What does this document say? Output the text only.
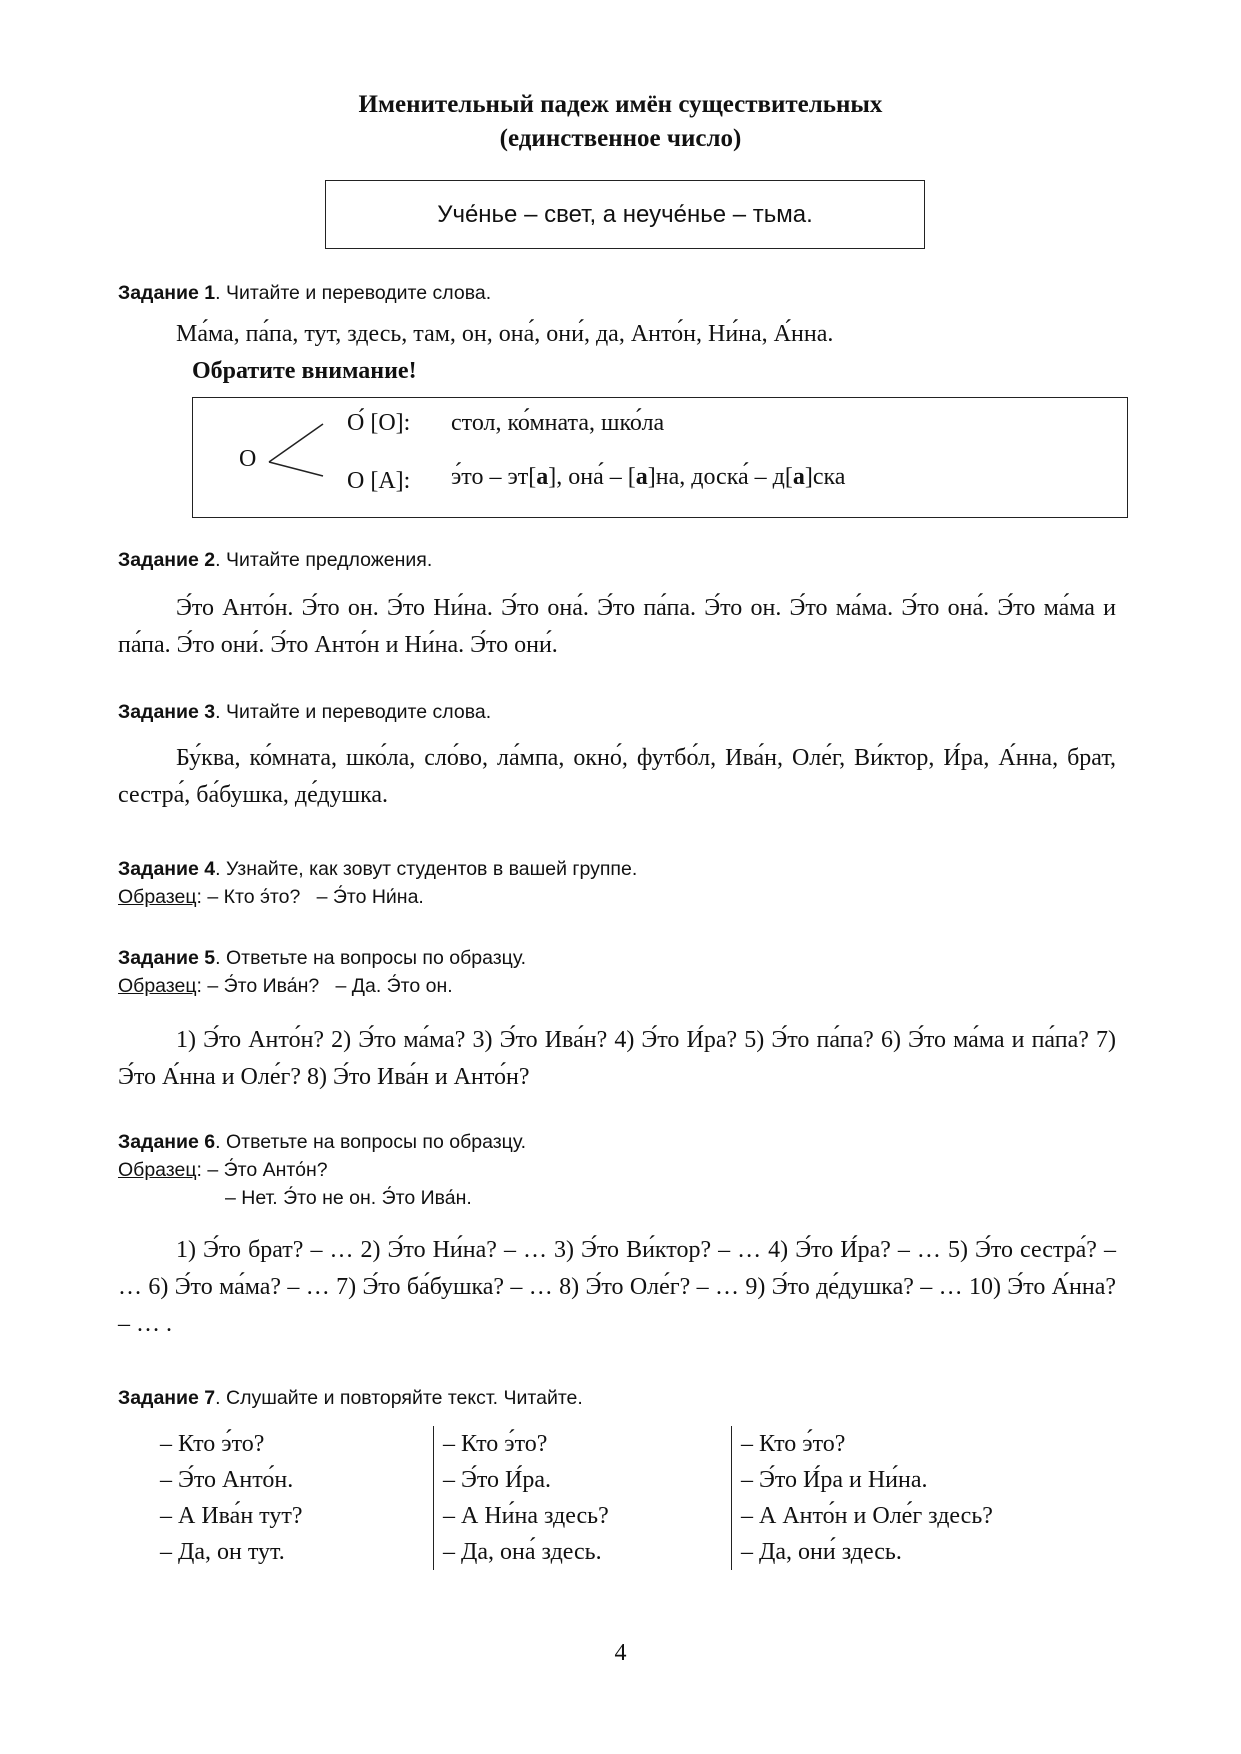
Именительный падеж имён существительных
(единственное число)
Уче́нье – свет, а неуче́нье – тьма.
Задание 1. Читайте и переводите слова.
Ма́ма, па́па, тут, здесь, там, он, она́, они́, да, Анто́н, Ни́на, А́нна.
Обратите внимание!
О
О́ [О]: стол, ко́мната, шко́ла
О [А]: э́то – эт[а], она́ – [а]на, доска́ – д[а]ска
Задание 2. Читайте предложения.
Э́то Анто́н. Э́то он. Э́то Ни́на. Э́то она́. Э́то па́па. Э́то он. Э́то ма́ма. Э́то она́. Э́то ма́ма и па́па. Э́то они́. Э́то Анто́н и Ни́на. Э́то они́.
Задание 3. Читайте и переводите слова.
Бу́ква, ко́мната, шко́ла, сло́во, ла́мпа, окно́, футбо́л, Ива́н, Оле́г, Ви́ктор, И́ра, А́нна, брат, сестра́, ба́бушка, де́душка.
Задание 4. Узнайте, как зовут студентов в вашей группе.
Образец: – Кто э́то?   – Э́то Ни́на.
Задание 5. Ответьте на вопросы по образцу.
Образец: – Э́то Ива́н?   – Да. Э́то он.
1) Э́то Анто́н? 2) Э́то ма́ма? 3) Э́то Ива́н? 4) Э́то И́ра? 5) Э́то па́па? 6) Э́то ма́ма и па́па? 7) Э́то А́нна и Оле́г? 8) Э́то Ива́н и Анто́н?
Задание 6. Ответьте на вопросы по образцу.
Образец: – Э́то Анто́н?
– Нет. Э́то не он. Э́то Ива́н.
1) Э́то брат? – … 2) Э́то Ни́на? – … 3) Э́то Ви́ктор? – … 4) Э́то И́ра? – … 5) Э́то сестра́? – … 6) Э́то ма́ма? – … 7) Э́то ба́бушка? – … 8) Э́то Оле́г? – … 9) Э́то де́душка? – … 10) Э́то А́нна? – … .
Задание 7. Слушайте и повторяйте текст. Читайте.
– Кто э́то?
– Э́то Анто́н.
– А Ива́н тут?
– Да, он тут.
– Кто э́то?
– Э́то И́ра.
– А Ни́на здесь?
– Да, она́ здесь.
– Кто э́то?
– Э́то И́ра и Ни́на.
– А Анто́н и Оле́г здесь?
– Да, они́ здесь.
4
